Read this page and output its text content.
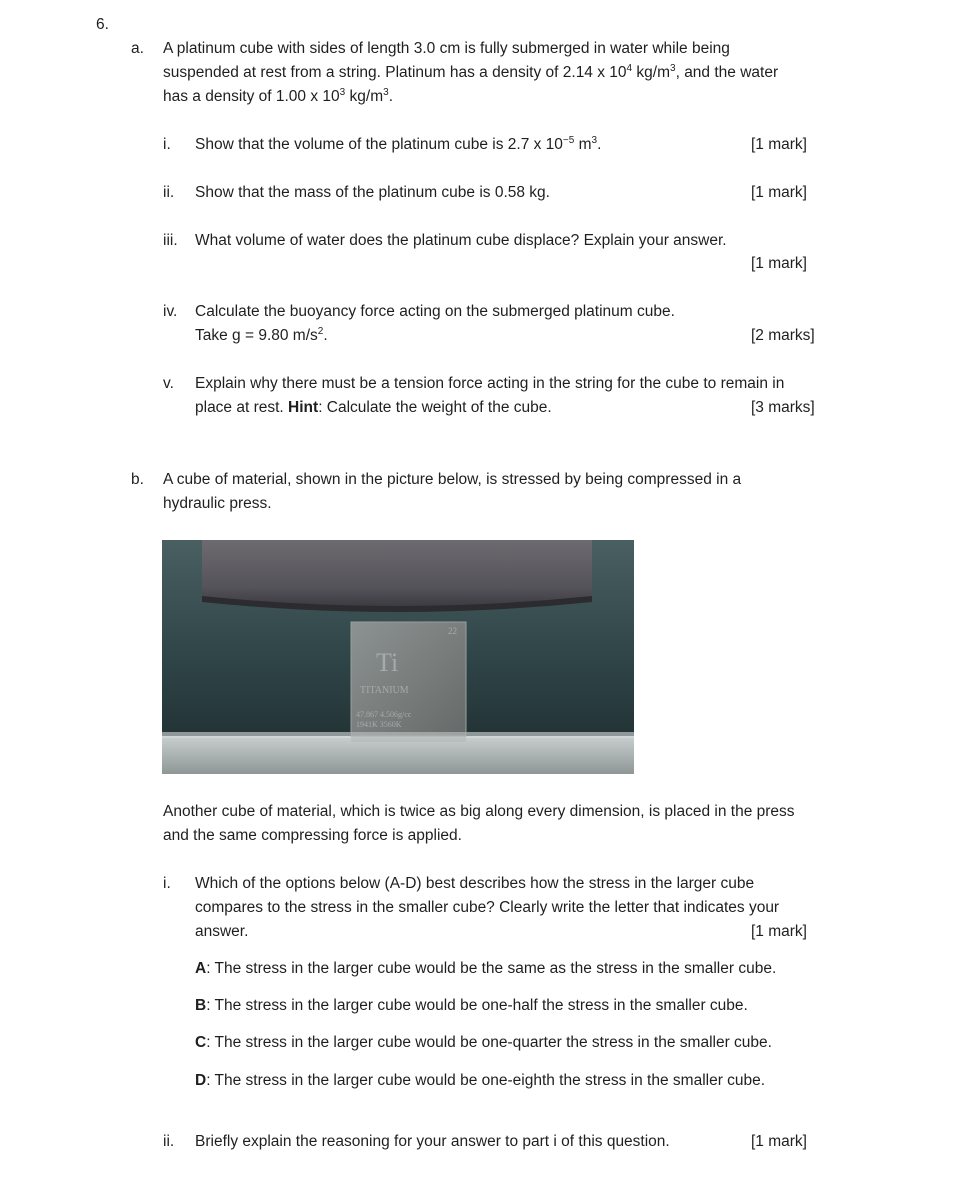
6.
a. A platinum cube with sides of length 3.0 cm is fully submerged in water while being
suspended at rest from a string. Platinum has a density of 2.14 x $10^4$ $kg/m^3$, and the water
has a density of 1.00 x $10^3$ $kg/m^3$.
i. Show that the volume of the platinum cube is 2.7 x $10^{-5}$ $m^3$.	[1 mark]
ii. Show that the mass of the platinum cube is 0.58 kg.	[1 mark]
iii. What volume of water does the platinum cube displace? Explain your answer.
[1 mark]
iv. Calculate the buoyancy force acting on the submerged platinum cube.
Take g = 9.80 $m/s^2$.	[2 marks]
v. Explain why there must be a tension force acting in the string for the cube to remain in
place at rest. Hint: Calculate the weight of the cube.	[3 marks]
b. A cube of material, shown in the picture below, is stressed by being compressed in a
hydraulic press.
Ti
22
TITANIUM
47.867 4.506g/cc
1941K 3560K
Another cube of material, which is twice as big along every dimension, is placed in the press
and the same compressing force is applied.
i. Which of the options below (A-D) best describes how the stress in the larger cube
compares to the stress in the smaller cube? Clearly write the letter that indicates your
answer.	[1 mark]
A: The stress in the larger cube would be the same as the stress in the smaller cube.
B: The stress in the larger cube would be one-half the stress in the smaller cube.
C: The stress in the larger cube would be one-quarter the stress in the smaller cube.
D: The stress in the larger cube would be one-eighth the stress in the smaller cube.
ii. Briefly explain the reasoning for your answer to part i of this question.	[1 mark]
